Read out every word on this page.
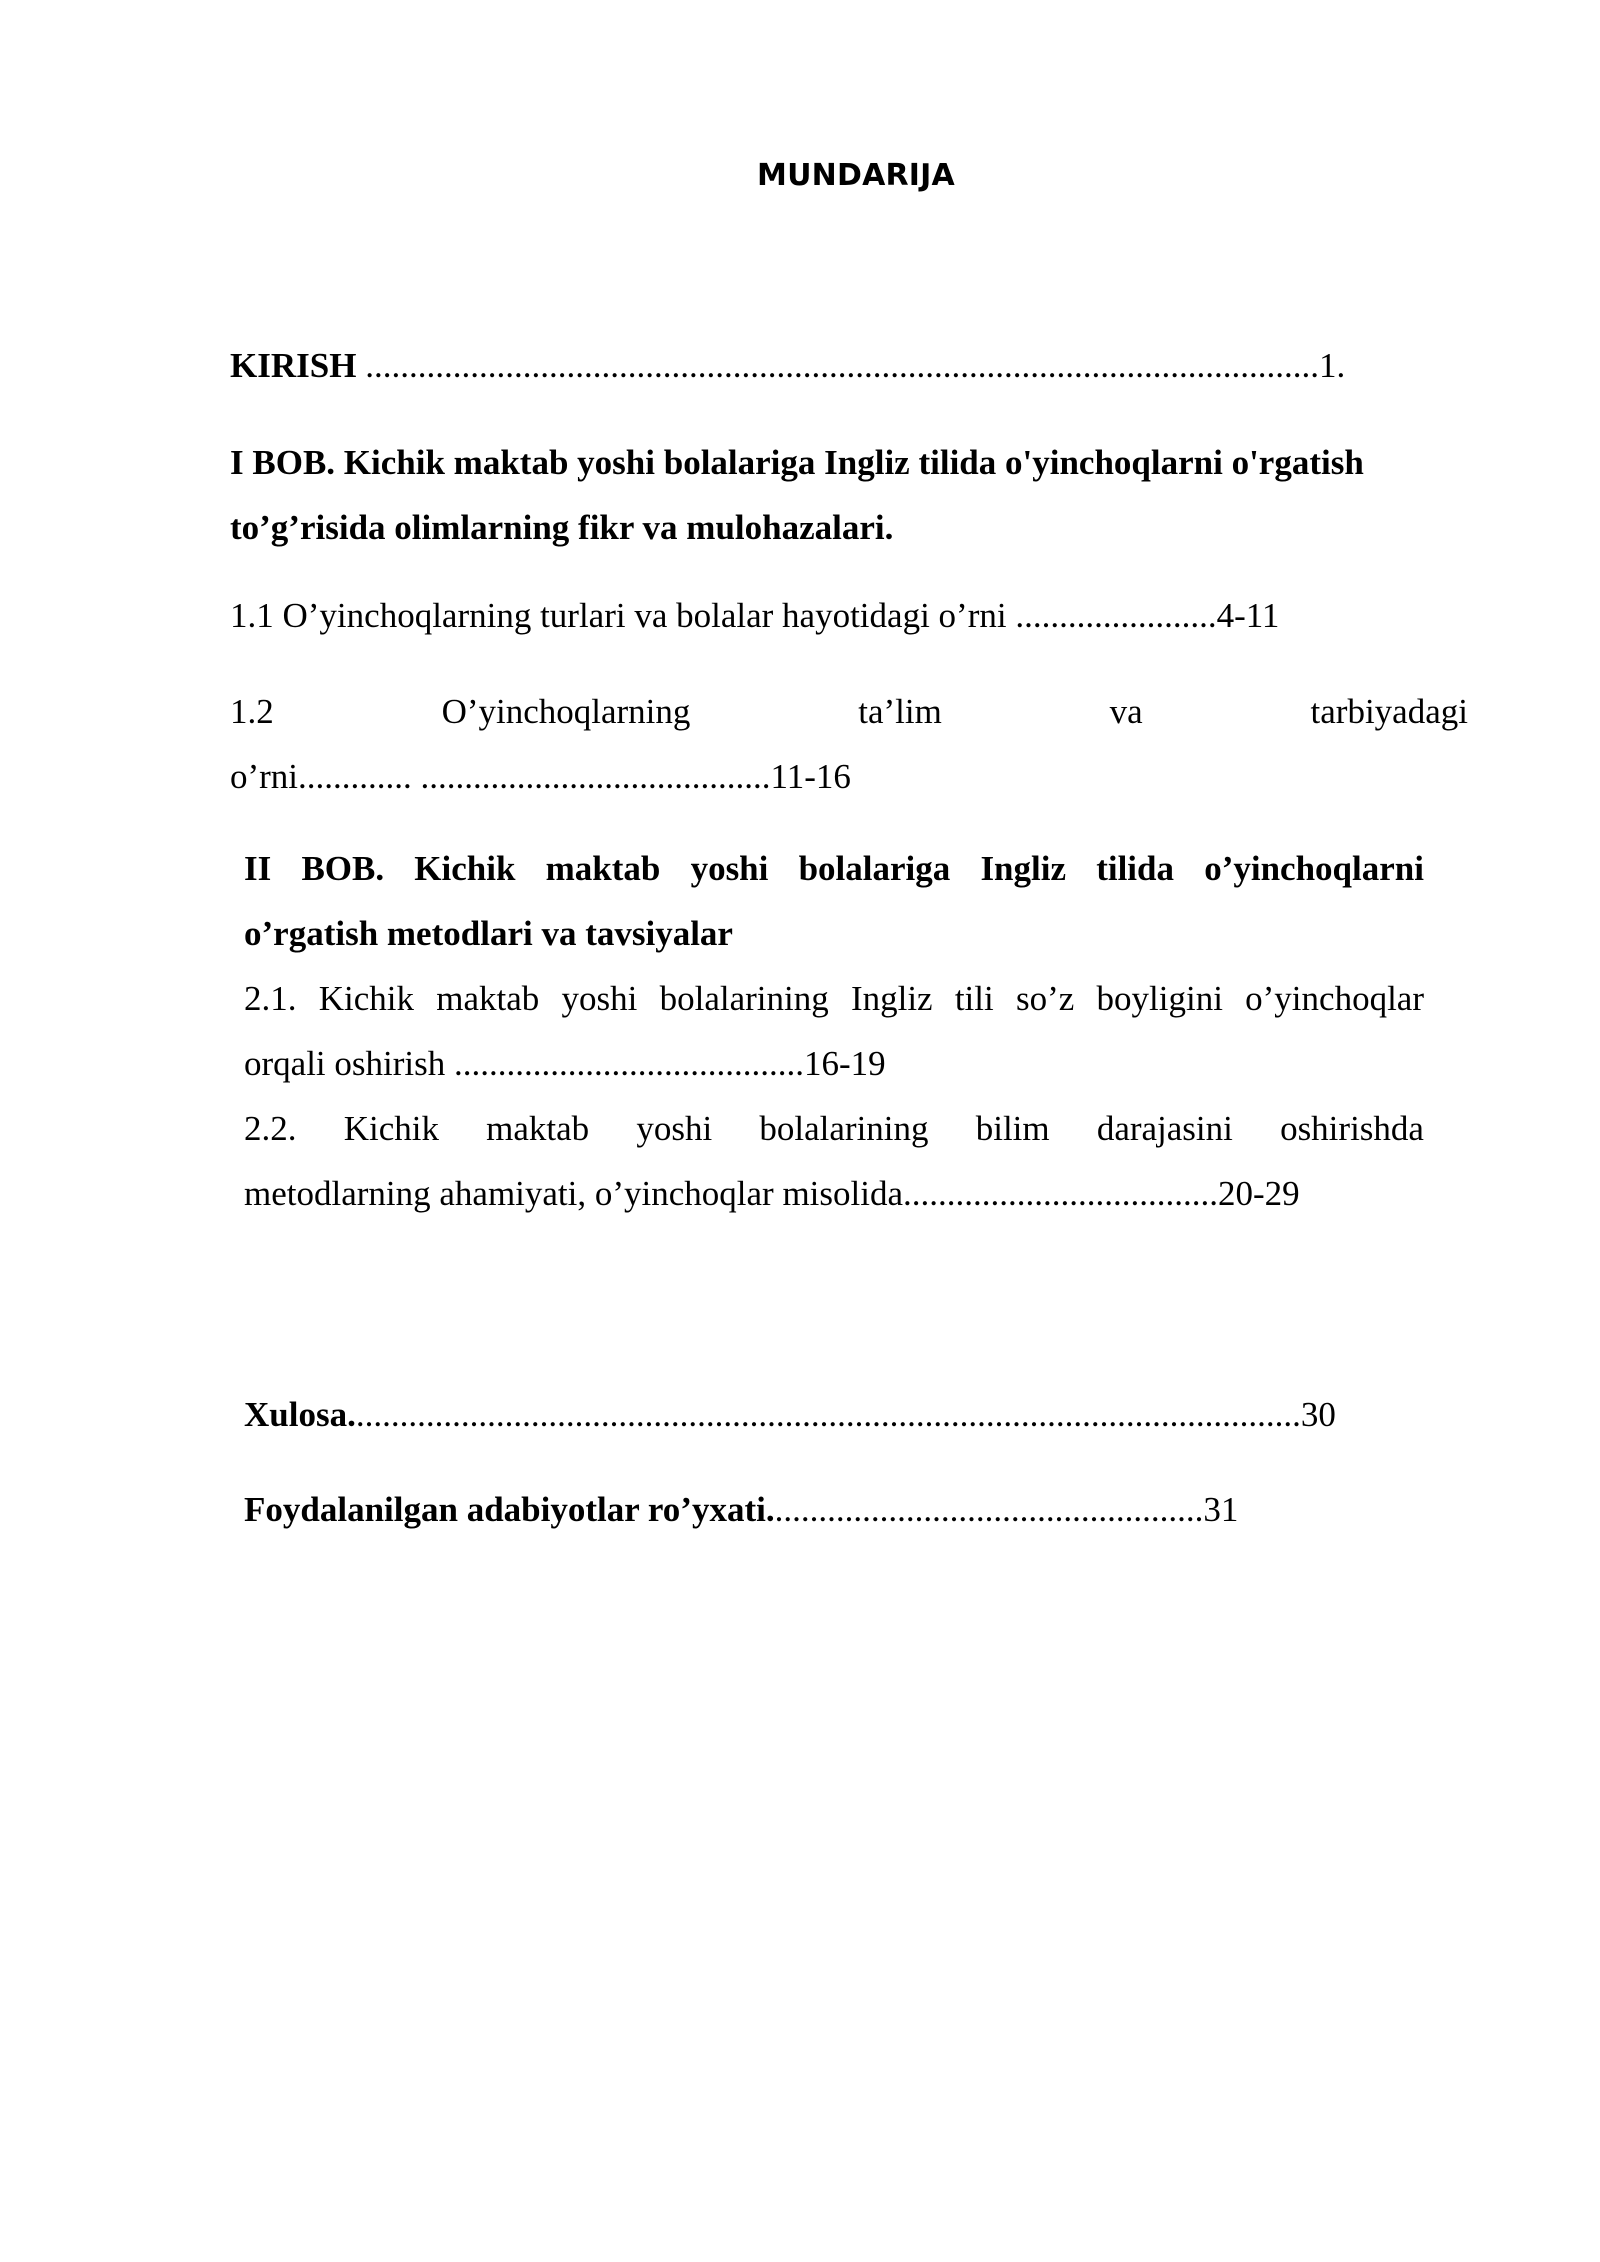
MUNDARIJA
KIRISH .............................................................................................................1.
I BOB. Kichik maktab yoshi bolalariga Ingliz tilida o'yinchoqlarni o'rgatish
to’g’risida olimlarning fikr va mulohazalari.
1.1 O’yinchoqlarning turlari va bolalar hayotidagi o’rni .......................4-11
1.2	O’yinchoqlarning	ta’lim	va	tarbiyadagi
o’rni............. ........................................11-16
II BOB. Kichik maktab yoshi bolalariga Ingliz tilida o’yinchoqlarni
o’rgatish metodlari va tavsiyalar
2.1. Kichik maktab yoshi bolalarining Ingliz tili so’z boyligini o’yinchoqlar
orqali oshirish ........................................16-19
2.2. Kichik maktab yoshi bolalarining bilim darajasini oshirishda
metodlarning ahamiyati, o’yinchoqlar misolida....................................20-29
Xulosa.............................................................................................................30
Foydalanilgan adabiyotlar ro’yxati..................................................31
